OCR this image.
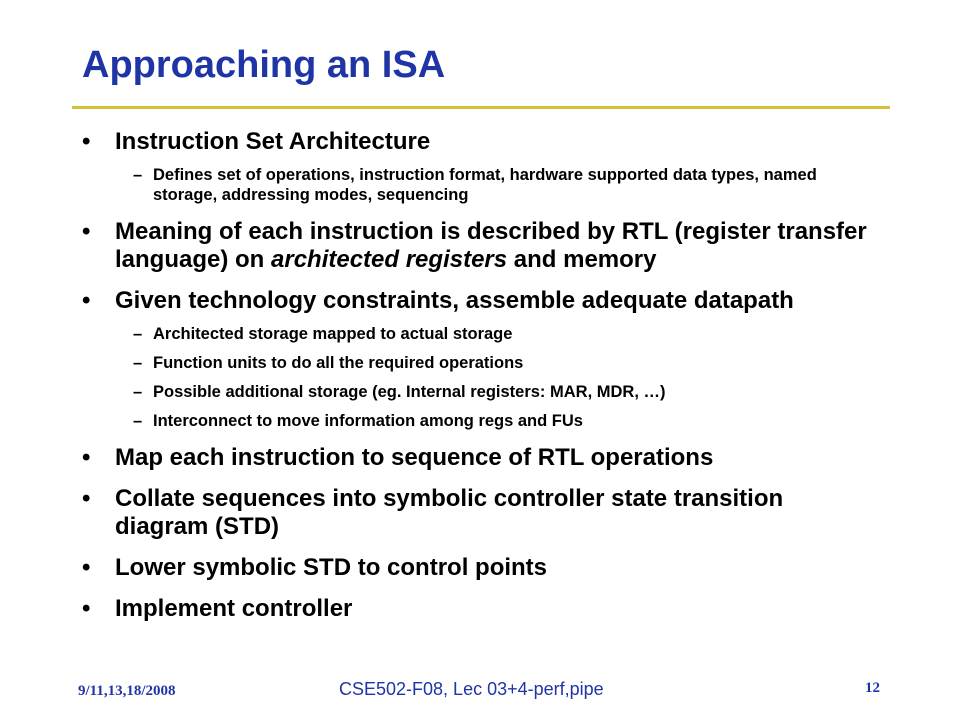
Approaching an ISA
• Instruction Set Architecture
– Defines set of operations, instruction format, hardware supported data types, named storage, addressing modes, sequencing
• Meaning of each instruction is described by RTL (register transfer language) on architected registers and memory
• Given technology constraints, assemble adequate datapath
– Architected storage mapped to actual storage
– Function units to do all the required operations
– Possible additional storage (eg. Internal registers: MAR, MDR, …)
– Interconnect to move information among regs and FUs
• Map each instruction to sequence of RTL operations
• Collate sequences into symbolic controller state transition diagram (STD)
• Lower symbolic STD to control points
• Implement controller
9/11,13,18/2008	CSE502-F08, Lec 03+4-perf,pipe	12
